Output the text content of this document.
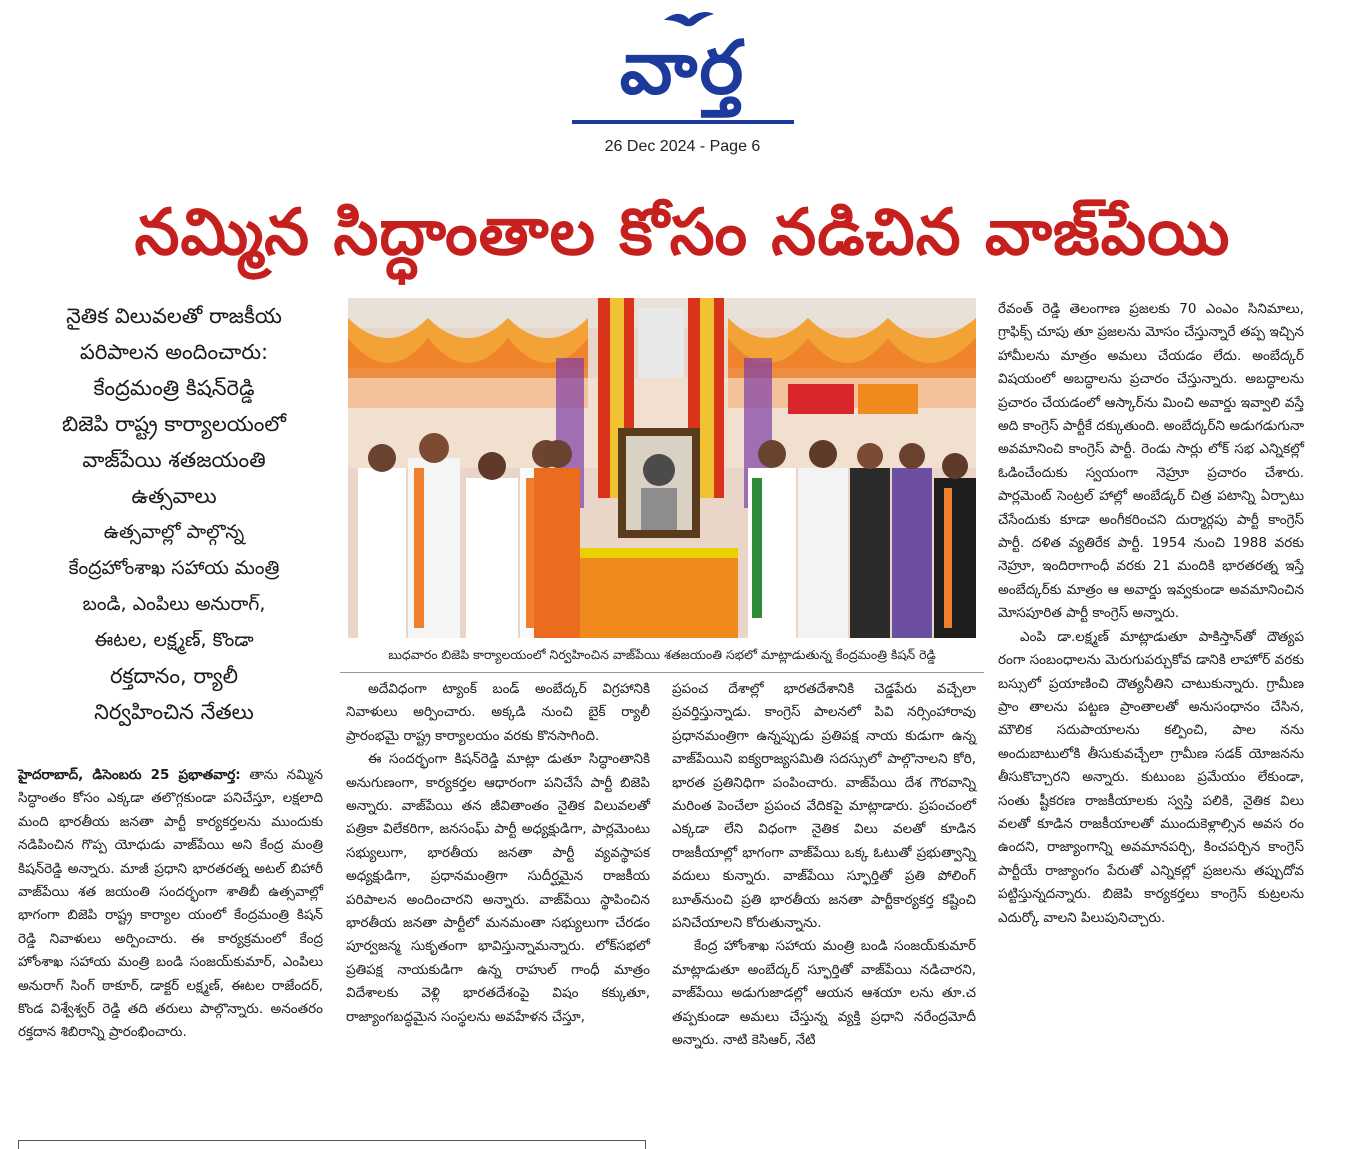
వార్త
26 Dec 2024 - Page 6
నమ్మిన సిద్ధాంతాల కోసం నడిచిన వాజ్‌పేయి
నైతిక విలువలతో రాజకీయ
పరిపాలన అందించారు:
కేంద్రమంత్రి కిషన్‌రెడ్డి
బిజెపి రాష్ట్ర కార్యాలయంలో
వాజ్‌పేయి శతజయంతి
ఉత్సవాలు
ఉత్సవాల్లో పాల్గొన్న
కేంద్రహోంశాఖ సహాయ మంత్రి
బండి, ఎంపిలు అనురాగ్,
ఈటల, లక్ష్మణ్, కొండా
రక్తదానం, ర్యాలీ
నిర్వహించిన నేతలు
బుధవారం బిజెపి కార్యాలయంలో నిర్వహించిన వాజ్‌పేయి శతజయంతి సభలో మాట్లాడుతున్న కేంద్రమంత్రి కిషన్ రెడ్డి

హైదరాబాద్, డిసెంబరు 25 ప్రభాతవార్త: తాను నమ్మిన సిద్ధాంతం కోసం ఎక్కడా తలొగ్గకుండా పనిచేస్తూ, లక్షలాది మంది భారతీయ జనతా పార్టీ కార్యకర్తలను ముందుకు నడిపించిన గొప్ప యోధుడు వాజ్‌పేయి అని కేంద్ర మంత్రి కిషన్‌రెడ్డి అన్నారు. మాజీ ప్రధాని భారతరత్న అటల్ బిహారీ వాజ్‌పేయి శత జయంతి సందర్భంగా శాతిబీ ఉత్సవాల్లో భాగంగా బిజెపి రాష్ట్ర కార్యాల యంలో కేంద్రమంత్రి కిషన్ రెడ్డి నివాళులు అర్పించారు. ఈ కార్యక్రమంలో కేంద్ర హోంశాఖ సహాయ మంత్రి బండి సంజయ్‌కుమార్, ఎంపిలు అనురాగ్ సింగ్ ఠాకూర్, డాక్టర్ లక్ష్మణ్, ఈటల రాజేందర్, కొండ విశ్వేశ్వర్ రెడ్డి తది తరులు పాల్గొన్నారు. అనంతరం రక్తదాన శిబిరాన్ని ప్రారంభించారు.

అదేవిధంగా ట్యాంక్ బండ్ అంబేద్కర్ విగ్రహానికి నివాళులు అర్పించారు. అక్కడి నుంచి బైక్ ర్యాలీ ప్రారంభమై రాష్ట్ర కార్యాలయం వరకు కొనసాగింది.

ఈ సందర్భంగా కిషన్‌రెడ్డి మాట్లా డుతూ సిద్ధాంతానికి అనుగుణంగా, కార్యకర్తల ఆధారంగా పనిచేసే పార్టీ బిజెపి అన్నారు. వాజ్‌పేయి తన జీవితాంతం నైతిక విలువలతో పత్రికా విలేకరిగా, జనసంఘ్ పార్టీ అధ్యక్షుడిగా, పార్లమెంటు సభ్యులుగా, భారతీయ జనతా పార్టీ వ్యవస్థాపక అధ్యక్షుడిగా, ప్రధానమంత్రిగా సుదీర్ఘమైన రాజకీయ పరిపాలన అందించారని అన్నారు. వాజ్‌పేయి స్థాపించిన భారతీయ జనతా పార్టీలో మనమంతా సభ్యులుగా చేరడం పూర్వజన్మ సుకృతంగా భావిస్తున్నామన్నారు. లోక్‌సభలో ప్రతిపక్ష నాయకుడిగా ఉన్న రాహుల్ గాంధీ మాత్రం విదేశాలకు వెళ్లి భారతదేశంపై విషం కక్కుతూ, రాజ్యాంగబద్ధమైన సంస్థలను అవహేళన చేస్తూ,

ప్రపంచ దేశాల్లో భారతదేశానికి చెడ్డపేరు వచ్చేలా ప్రవర్తిస్తున్నాడు. కాంగ్రెస్ పాలనలో పివి నర్సింహారావు ప్రధానమంత్రిగా ఉన్నప్పుడు ప్రతిపక్ష నాయ కుడుగా ఉన్న వాజ్‌పేయిని ఐక్యరాజ్యసమితి సదస్సులో పాల్గొనాలని కోరి, భారత ప్రతినిధిగా పంపించారు. వాజ్‌పేయి దేశ గౌరవాన్ని మరింత పెంచేలా ప్రపంచ వేదికపై మాట్లాడారు. ప్రపంచంలో ఎక్కడా లేని విధంగా నైతిక విలు వలతో కూడిన రాజకీయాల్లో భాగంగా వాజ్‌పేయి ఒక్క ఓటుతో ప్రభుత్వాన్ని వదులు కున్నారు. వాజ్‌పేయి స్ఫూర్తితో ప్రతి పోలింగ్ బూత్‌నుంచి ప్రతి భారతీయ జనతా పార్టీకార్యకర్త కష్టించి పనిచేయాలని కోరుతున్నాను.

కేంద్ర హోంశాఖ సహాయ మంత్రి బండి సంజయ్‌కుమార్ మాట్లాడుతూ అంబేద్కర్ స్ఫూర్తితో వాజ్‌పేయి నడిచారని, వాజ్‌పేయి అడుగుజాడల్లో ఆయన ఆశయా లను తూ.చ తప్పకుండా అమలు చేస్తున్న వ్యక్తి ప్రధాని నరేంద్రమోదీ అన్నారు. నాటి కెసిఆర్, నేటి

రేవంత్ రెడ్డి తెలంగాణ ప్రజలకు 70 ఎంఎం సినిమాలు, గ్రాఫిక్స్ చూపు తూ ప్రజలను మోసం చేస్తున్నారే తప్ప ఇచ్చిన హామీలను మాత్రం అమలు చేయడం లేదు. అంబేద్కర్ విషయంలో అబద్ధాలను ప్రచారం చేస్తున్నారు. అబద్ధాలను ప్రచారం చేయడంలో ఆస్కార్‌ను మించి అవార్డు ఇవ్వాలి వస్తే అది కాంగ్రెస్ పార్టీకే దక్కుతుంది. అంబేద్కర్‌ని అడుగడుగునా అవమానించి కాంగ్రెస్ పార్టీ. రెండు సార్లు లోక్ సభ ఎన్నికల్లో ఓడించేందుకు స్వయంగా నెహ్రూ ప్రచారం చేశారు. పార్లమెంట్ సెంట్రల్ హాల్లో అంబేడ్కర్ చిత్ర పటాన్ని ఏర్పాటు చేసేందుకు కూడా అంగీకరించని దుర్మార్గపు పార్టీ కాంగ్రెస్ పార్టీ. దళిత వ్యతిరేక పార్టీ. 1954 నుంచి 1988 వరకు నెహ్రూ, ఇందిరాగాంధీ వరకు 21 మందికి భారతరత్న ఇస్తే అంబేద్కర్‌కు మాత్రం ఆ అవార్డు ఇవ్వకుండా అవమానించిన మోసపూరిత పార్టీ కాంగ్రెస్ అన్నారు.

ఎంపి డా.లక్ష్మణ్ మాట్లాడుతూ పాకిస్తాన్‌తో దౌత్యప రంగా సంబంధాలను మెరుగుపర్చుకోవ డానికి లాహోర్ వరకు బస్సులో ప్రయాణించి దౌత్యనీతిని చాటుకున్నారు. గ్రామీణ ప్రాం తాలను పట్టణ ప్రాంతాలతో అనుసంధానం చేసిన, మౌలిక సదుపాయాలను కల్పించి, పాల నను అందుబాటులోకి తీసుకువచ్చేలా గ్రామీణ సడక్ యోజనను తీసుకొచ్చారని అన్నారు. కుటుంబ ప్రమేయం లేకుండా, సంతు ష్టీకరణ రాజకీయాలకు స్వస్తి పలికి, నైతిక విలు వలతో కూడిన రాజకీయాలతో ముందుకెళ్లాల్సిన అవస రం ఉందని, రాజ్యాంగాన్ని అవమానపర్చి, కించపర్చిన కాంగ్రెస్ పార్టీయే రాజ్యాంగం పేరుతో ఎన్నికల్లో ప్రజలను తప్పుదోవ పట్టిస్తున్నదన్నారు. బిజెపి కార్యకర్తలు కాంగ్రెస్ కుట్రలను ఎదుర్కో వాలని పిలుపునిచ్చారు.
